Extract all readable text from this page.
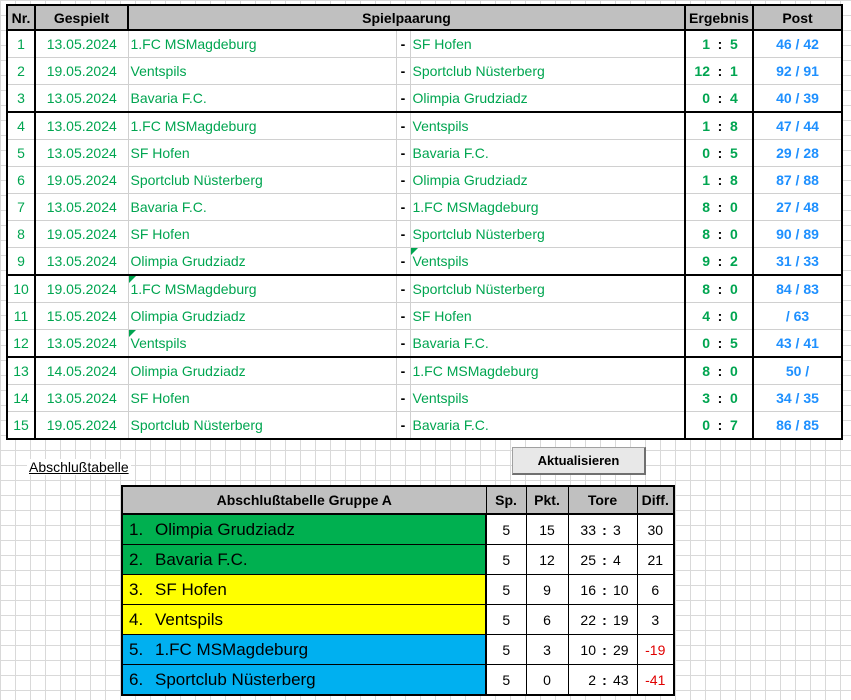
Nr.	Gespielt	Spielpaarung			Ergebnis			Post
1	13.05.2024	1.FC MSMagdeburg	-	SF Hofen	1	:	5	46 / 42
2	19.05.2024	Ventspils	-	Sportclub Nüsterberg	12	:	1	92 / 91
3	13.05.2024	Bavaria F.C.	-	Olimpia Grudziadz	0	:	4	40 / 39
4	13.05.2024	1.FC MSMagdeburg	-	Ventspils	1	:	8	47 / 44
5	13.05.2024	SF Hofen	-	Bavaria F.C.	0	:	5	29 / 28
6	19.05.2024	Sportclub Nüsterberg	-	Olimpia Grudziadz	1	:	8	87 / 88
7	13.05.2024	Bavaria F.C.	-	1.FC MSMagdeburg	8	:	0	27 / 48
8	19.05.2024	SF Hofen	-	Sportclub Nüsterberg	8	:	0	90 / 89
9	13.05.2024	Olimpia Grudziadz	-	Ventspils	9	:	2	31 / 33
10	19.05.2024	1.FC MSMagdeburg	-	Sportclub Nüsterberg	8	:	0	84 / 83
11	15.05.2024	Olimpia Grudziadz	-	SF Hofen	4	:	0	/ 63
12	13.05.2024	Ventspils	-	Bavaria F.C.	0	:	5	43 / 41
13	14.05.2024	Olimpia Grudziadz	-	1.FC MSMagdeburg	8	:	0	50 /
14	13.05.2024	SF Hofen	-	Ventspils	3	:	0	34 / 35
15	19.05.2024	Sportclub Nüsterberg	-	Bavaria F.C.	0	:	7	86 / 85
Abschlußtabelle	Aktualisieren
Abschlußtabelle Gruppe A	Sp.	Pkt.	Tore			Diff.
1. Olimpia Grudziadz	5	15	33	:	3	30
2. Bavaria F.C.	5	12	25	:	4	21
3. SF Hofen	5	9	16	:	10	6
4. Ventspils	5	6	22	:	19	3
5. 1.FC MSMagdeburg	5	3	10	:	29	-19
6. Sportclub Nüsterberg	5	0	2	:	43	-41
